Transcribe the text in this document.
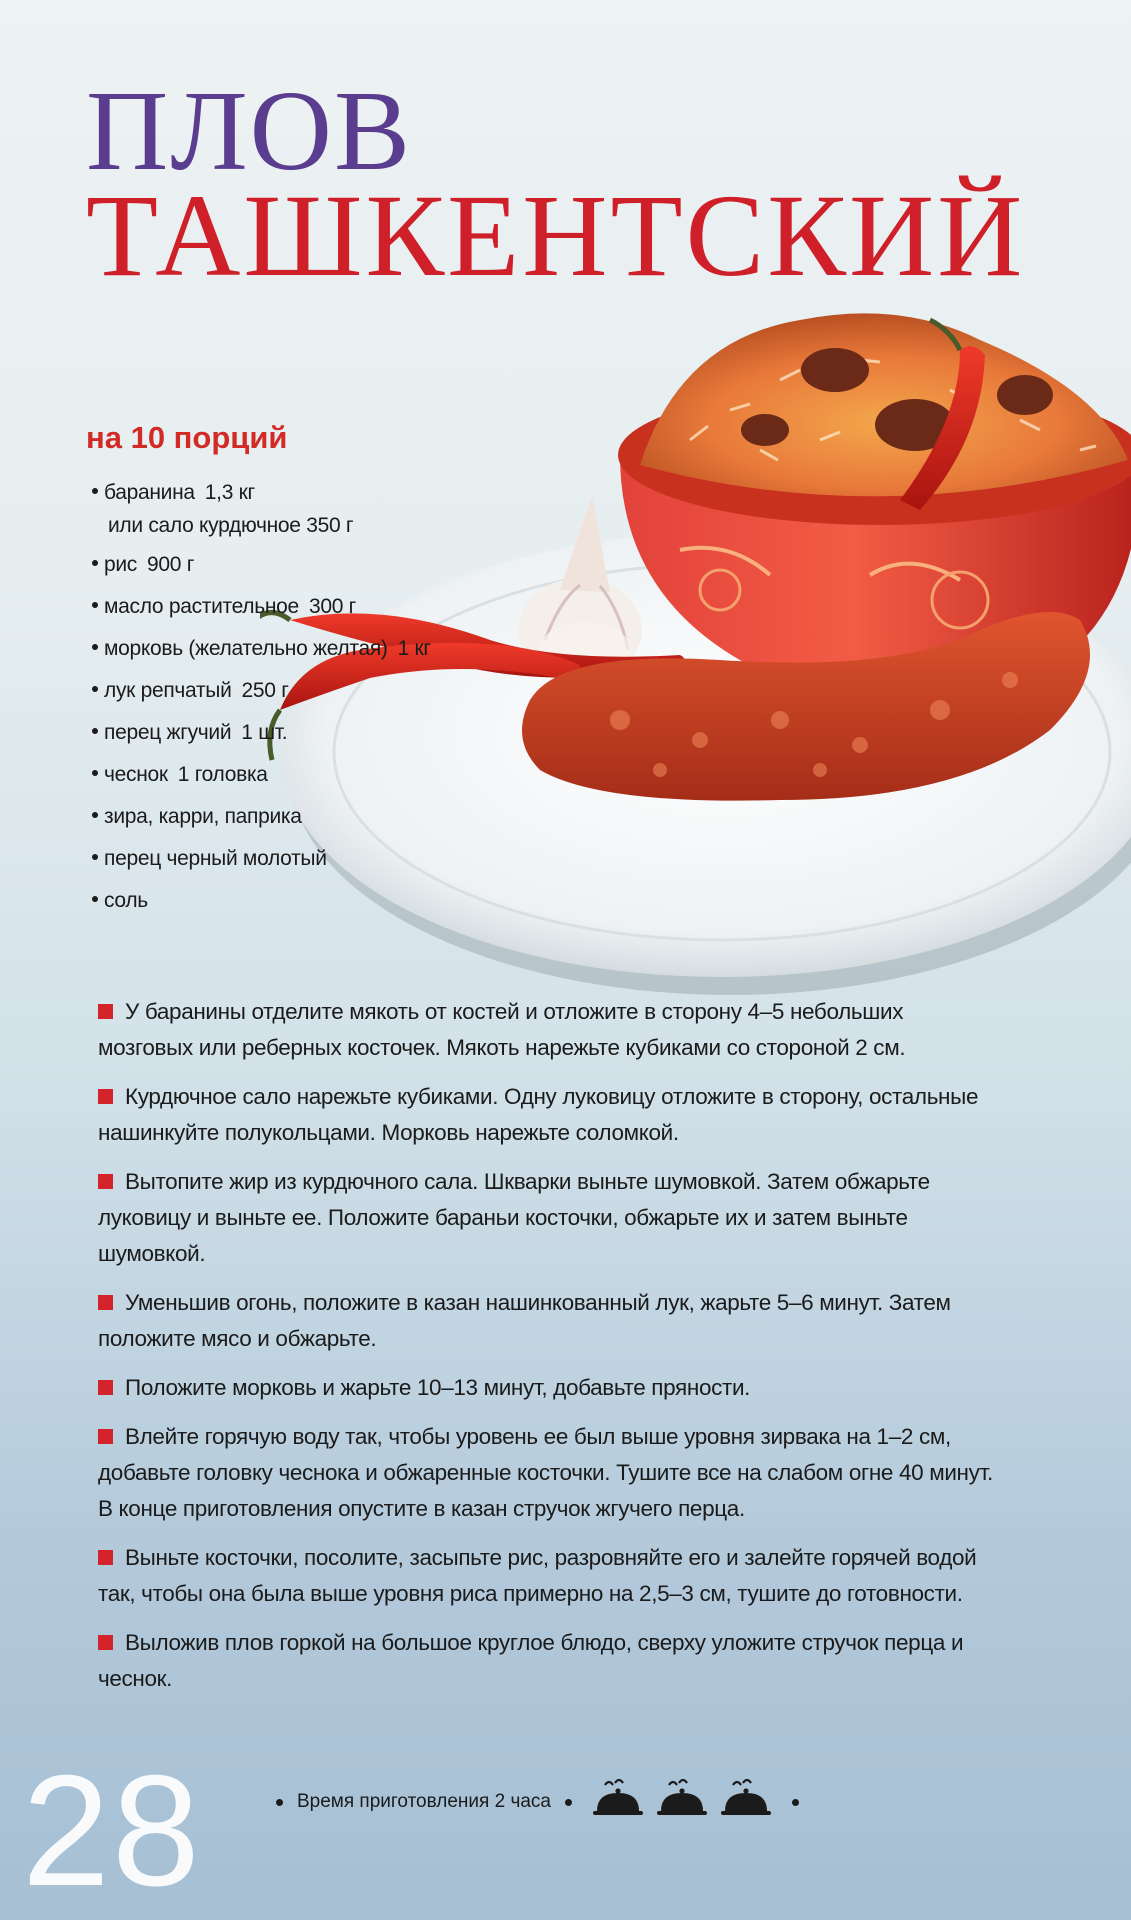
ПЛОВ
ТАШКЕНТСКИЙ
на 10 порций
баранина 1,3 кг
или сало курдючное 350 г
рис 900 г
масло растительное 300 г
морковь (желательно желтая) 1 кг
лук репчатый 250 г
перец жгучий 1 шт.
чеснок 1 головка
зира, карри, паприка
перец черный молотый
соль
У баранины отделите мякоть от костей и отложите в сторону 4–5 небольших мозговых или реберных косточек. Мякоть нарежьте кубиками со стороной 2 см.
Курдючное сало нарежьте кубиками. Одну луковицу отложите в сторону, остальные нашинкуйте полукольцами. Морковь нарежьте соломкой.
Вытопите жир из курдючного сала. Шкварки выньте шумовкой. Затем обжарьте луковицу и выньте ее. Положите бараньи косточки, обжарьте их и затем выньте шумовкой.
Уменьшив огонь, положите в казан нашинкованный лук, жарьте 5–6 минут. Затем положите мясо и обжарьте.
Положите морковь и жарьте 10–13 минут, добавьте пряности.
Влейте горячую воду так, чтобы уровень ее был выше уровня зирвака на 1–2 см, добавьте головку чеснока и обжаренные косточки. Тушите все на слабом огне 40 минут. В конце приготовления опустите в казан стручок жгучего перца.
Выньте косточки, посолите, засыпьте рис, разровняйте его и залейте горячей водой так, чтобы она была выше уровня риса примерно на 2,5–3 см, тушите до готовности.
Выложив плов горкой на большое круглое блюдо, сверху уложите стручок перца и чеснок.
28	Время приготовления 2 часа
